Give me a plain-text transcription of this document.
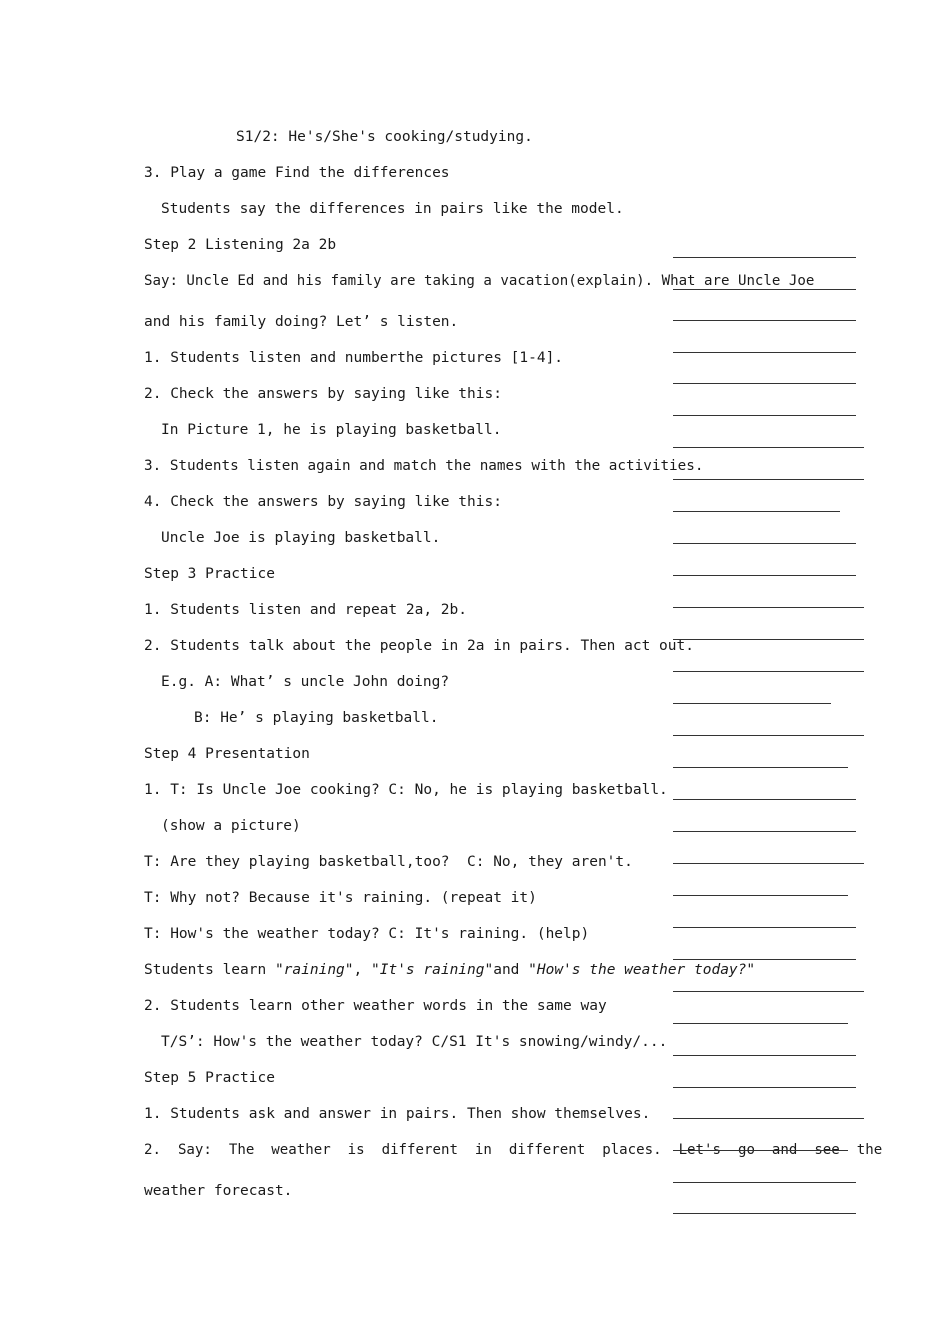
S1/2: He's/She's cooking/studying.
3. Play a game Find the differences
Students say the differences in pairs like the model.
Step 2 Listening 2a 2b
Say: Uncle Ed and his family are taking a vacation(explain). What are Uncle Joe
and his family doing? Let’ s listen.
1. Students listen and numberthe pictures [1-4].
2. Check the answers by saying like this:
In Picture 1, he is playing basketball.
3. Students listen again and match the names with the activities.
4. Check the answers by saying like this:
Uncle Joe is playing basketball.
Step 3 Practice
1. Students listen and repeat 2a, 2b.
2. Students talk about the people in 2a in pairs. Then act out.
E.g. A: What’ s uncle John doing?
B: He’ s playing basketball.
Step 4 Presentation
1. T: Is Uncle Joe cooking? C: No, he is playing basketball.
(show a picture)
T: Are they playing basketball,too?  C: No, they aren't.
T: Why not? Because it's raining. (repeat it)
T: How's the weather today? C: It's raining. (help)
Students learn "raining", "It's raining"and "How's the weather today?"
2. Students learn other weather words in the same way
T/S’: How's the weather today? C/S1 It's snowing/windy/...
Step 5 Practice
1. Students ask and answer in pairs. Then show themselves.
2.  Say:  The  weather  is  different  in  different  places.  Let's  go  and  see  the
weather forecast.
